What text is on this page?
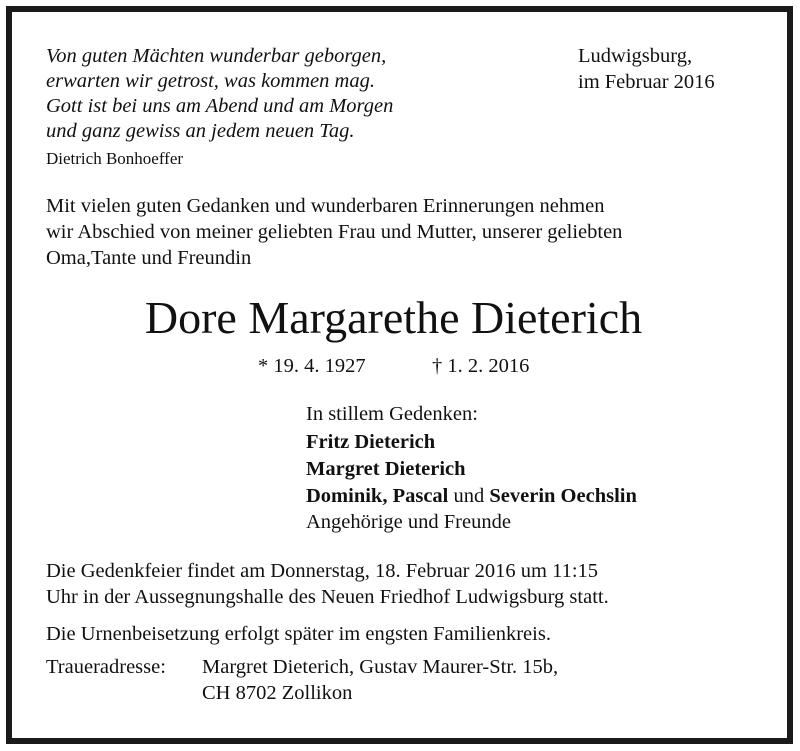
Von guten Mächten wunderbar geborgen,
erwarten wir getrost, was kommen mag.
Gott ist bei uns am Abend und am Morgen
und ganz gewiss an jedem neuen Tag.
Dietrich Bonhoeffer
Ludwigsburg,
im Februar 2016
Mit vielen guten Gedanken und wunderbaren Erinnerungen nehmen
wir Abschied von meiner geliebten Frau und Mutter, unserer geliebten
Oma,Tante und Freundin
Dore Margarethe Dieterich
* 19. 4. 1927	† 1. 2. 2016
In stillem Gedenken:
Fritz Dieterich
Margret Dieterich
Dominik, Pascal und Severin Oechslin
Angehörige und Freunde
Die Gedenkfeier findet am Donnerstag, 18. Februar 2016 um 11:15
Uhr in der Aussegnungshalle des Neuen Friedhof Ludwigsburg statt.
Die Urnenbeisetzung erfolgt später im engsten Familienkreis.
Traueradresse: Margret Dieterich, Gustav Maurer-Str. 15b,
CH 8702 Zollikon
